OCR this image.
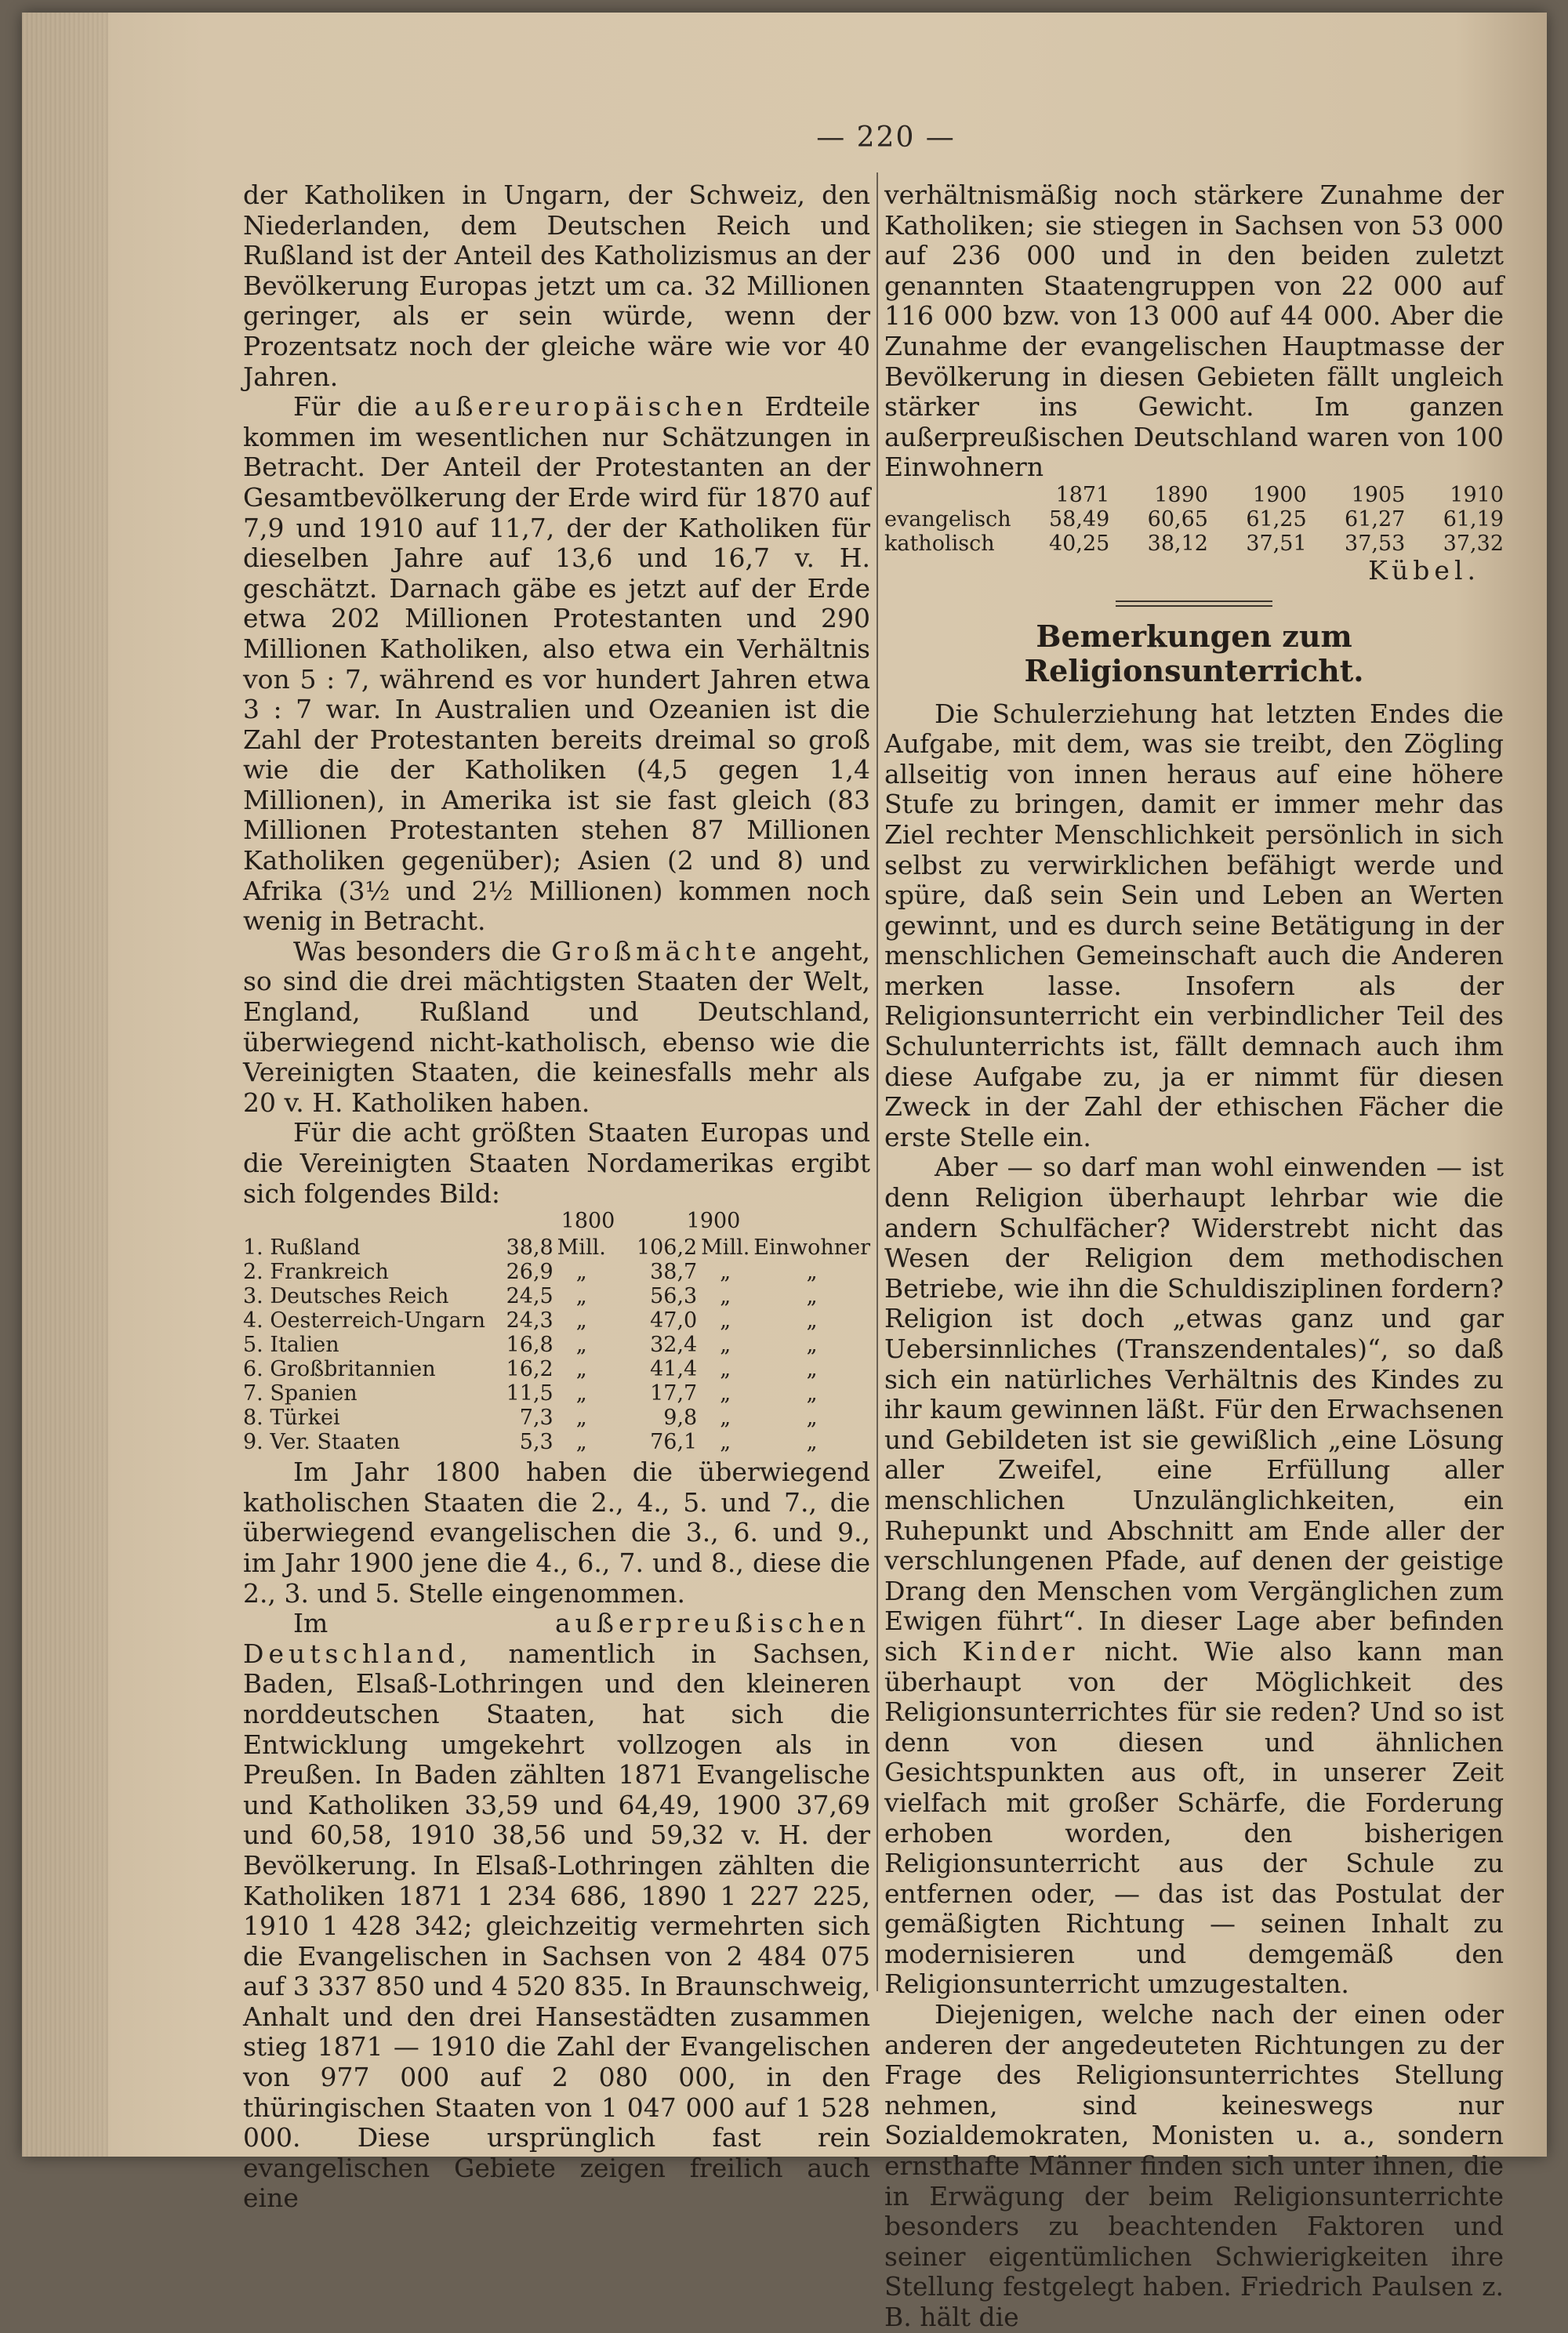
— 220 —

der Katholiken in Ungarn, der Schweiz, den Niederlanden, dem Deutschen Reich und Rußland ist der Anteil des Katholizismus an der Bevölkerung Europas jetzt um ca. 32 Millionen geringer, als er sein würde, wenn der Prozentsatz noch der gleiche wäre wie vor 40 Jahren.

Für die außereuropäischen Erdteile kommen im wesentlichen nur Schätzungen in Betracht. Der Anteil der Protestanten an der Gesamtbevölkerung der Erde wird für 1870 auf 7,9 und 1910 auf 11,7, der der Katholiken für dieselben Jahre auf 13,6 und 16,7 v. H. geschätzt. Darnach gäbe es jetzt auf der Erde etwa 202 Millionen Protestanten und 290 Millionen Katholiken, also etwa ein Verhältnis von 5 : 7, während es vor hundert Jahren etwa 3 : 7 war. In Australien und Ozeanien ist die Zahl der Protestanten bereits dreimal so groß wie die der Katholiken (4,5 gegen 1,4 Millionen), in Amerika ist sie fast gleich (83 Millionen Protestanten stehen 87 Millionen Katholiken gegenüber); Asien (2 und 8) und Afrika (3½ und 2½ Millionen) kommen noch wenig in Betracht.

Was besonders die Großmächte angeht, so sind die drei mächtigsten Staaten der Welt, England, Rußland und Deutschland, überwiegend nicht-katholisch, ebenso wie die Vereinigten Staaten, die keinesfalls mehr als 20 v. H. Katholiken haben.

Für die acht größten Staaten Europas und die Vereinigten Staaten Nordamerikas ergibt sich folgendes Bild:

1800	1900
1. Rußland	38,8	Mill.	106,2	Mill.	Einwohner
2. Frankreich	26,9	„	38,7	„	„
3. Deutsches Reich	24,5	„	56,3	„	„
4. Oesterreich-Ungarn	24,3	„	47,0	„	„
5. Italien	16,8	„	32,4	„	„
6. Großbritannien	16,2	„	41,4	„	„
7. Spanien	11,5	„	17,7	„	„
8. Türkei	7,3	„	9,8	„	„
9. Ver. Staaten	5,3	„	76,1	„	„

Im Jahr 1800 haben die überwiegend katholischen Staaten die 2., 4., 5. und 7., die überwiegend evangelischen die 3., 6. und 9., im Jahr 1900 jene die 4., 6., 7. und 8., diese die 2., 3. und 5. Stelle eingenommen.

Im außerpreußischen Deutschland, namentlich in Sachsen, Baden, Elsaß-Lothringen und den kleineren norddeutschen Staaten, hat sich die Entwicklung umgekehrt vollzogen als in Preußen. In Baden zählten 1871 Evangelische und Katholiken 33,59 und 64,49, 1900 37,69 und 60,58, 1910 38,56 und 59,32 v. H. der Bevölkerung. In Elsaß-Lothringen zählten die Katholiken 1871 1 234 686, 1890 1 227 225, 1910 1 428 342; gleichzeitig vermehrten sich die Evangelischen in Sachsen von 2 484 075 auf 3 337 850 und 4 520 835. In Braunschweig, Anhalt und den drei Hansestädten zusammen stieg 1871 — 1910 die Zahl der Evangelischen von 977 000 auf 2 080 000, in den thüringischen Staaten von 1 047 000 auf 1 528 000. Diese ursprünglich fast rein evangelischen Gebiete zeigen freilich auch eine

verhältnismäßig noch stärkere Zunahme der Katholiken; sie stiegen in Sachsen von 53 000 auf 236 000 und in den beiden zuletzt genannten Staatengruppen von 22 000 auf 116 000 bzw. von 13 000 auf 44 000. Aber die Zunahme der evangelischen Hauptmasse der Bevölkerung in diesen Gebieten fällt ungleich stärker ins Gewicht. Im ganzen außerpreußischen Deutschland waren von 100 Einwohnern

	1871	1890	1900	1905	1910
evangelisch	58,49	60,65	61,25	61,27	61,19
katholisch	40,25	38,12	37,51	37,53	37,32
Kübel.
Bemerkungen zum Religionsunterricht.

Die Schulerziehung hat letzten Endes die Aufgabe, mit dem, was sie treibt, den Zögling allseitig von innen heraus auf eine höhere Stufe zu bringen, damit er immer mehr das Ziel rechter Menschlichkeit persönlich in sich selbst zu verwirklichen befähigt werde und spüre, daß sein Sein und Leben an Werten gewinnt, und es durch seine Betätigung in der menschlichen Gemeinschaft auch die Anderen merken lasse. Insofern als der Religionsunterricht ein verbindlicher Teil des Schulunterrichts ist, fällt demnach auch ihm diese Aufgabe zu, ja er nimmt für diesen Zweck in der Zahl der ethischen Fächer die erste Stelle ein.

Aber — so darf man wohl einwenden — ist denn Religion überhaupt lehrbar wie die andern Schulfächer? Widerstrebt nicht das Wesen der Religion dem methodischen Betriebe, wie ihn die Schuldisziplinen fordern? Religion ist doch „etwas ganz und gar Uebersinnliches (Transzendentales)“, so daß sich ein natürliches Verhältnis des Kindes zu ihr kaum gewinnen läßt. Für den Erwachsenen und Gebildeten ist sie gewißlich „eine Lösung aller Zweifel, eine Erfüllung aller menschlichen Unzulänglichkeiten, ein Ruhepunkt und Abschnitt am Ende aller der verschlungenen Pfade, auf denen der geistige Drang den Menschen vom Vergänglichen zum Ewigen führt“. In dieser Lage aber befinden sich Kinder nicht. Wie also kann man überhaupt von der Möglichkeit des Religionsunterrichtes für sie reden? Und so ist denn von diesen und ähnlichen Gesichtspunkten aus oft, in unserer Zeit vielfach mit großer Schärfe, die Forderung erhoben worden, den bisherigen Religionsunterricht aus der Schule zu entfernen oder, — das ist das Postulat der gemäßigten Richtung — seinen Inhalt zu modernisieren und demgemäß den Religionsunterricht umzugestalten.

Diejenigen, welche nach der einen oder anderen der angedeuteten Richtungen zu der Frage des Religionsunterrichtes Stellung nehmen, sind keineswegs nur Sozialdemokraten, Monisten u. a., sondern ernsthafte Männer finden sich unter ihnen, die in Erwägung der beim Religionsunterrichte besonders zu beachtenden Faktoren und seiner eigentümlichen Schwierigkeiten ihre Stellung festgelegt haben. Friedrich Paulsen z. B. hält die
